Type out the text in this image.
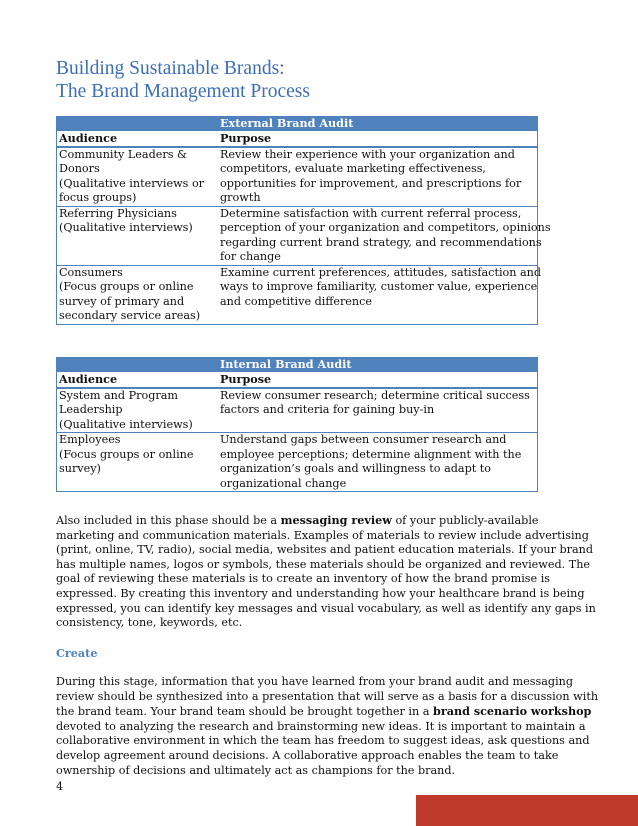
Building Sustainable Brands:
The Brand Management Process
	External Brand Audit
Audience	Purpose

Community Leaders &
Donors
(Qualitative interviews or
focus groups)	Review their experience with your organization and
competitors, evaluate marketing effectiveness,
opportunities for improvement, and prescriptions for
growth

Referring Physicians
(Qualitative interviews)	Determine satisfaction with current referral process,
perception of your organization and competitors, opinions
regarding current brand strategy, and recommendations
for change

Consumers
(Focus groups or online
survey of primary and
secondary service areas)	Examine current preferences, attitudes, satisfaction and
ways to improve familiarity, customer value, experience
and competitive difference
	Internal Brand Audit
Audience	Purpose

System and Program
Leadership
(Qualitative interviews)	Review consumer research; determine critical success
factors and criteria for gaining buy-in

Employees
(Focus groups or online
survey)	Understand gaps between consumer research and
employee perceptions; determine alignment with the
organization’s goals and willingness to adapt to
organizational change
Also included in this phase should be a messaging review of your publicly-available
marketing and communication materials. Examples of materials to review include advertising
(print, online, TV, radio), social media, websites and patient education materials. If your brand
has multiple names, logos or symbols, these materials should be organized and reviewed. The
goal of reviewing these materials is to create an inventory of how the brand promise is
expressed. By creating this inventory and understanding how your healthcare brand is being
expressed, you can identify key messages and visual vocabulary, as well as identify any gaps in
consistency, tone, keywords, etc.
Create
During this stage, information that you have learned from your brand audit and messaging
review should be synthesized into a presentation that will serve as a basis for a discussion with
the brand team. Your brand team should be brought together in a brand scenario workshop
devoted to analyzing the research and brainstorming new ideas. It is important to maintain a
collaborative environment in which the team has freedom to suggest ideas, ask questions and
develop agreement around decisions. A collaborative approach enables the team to take
ownership of decisions and ultimately act as champions for the brand.
4
